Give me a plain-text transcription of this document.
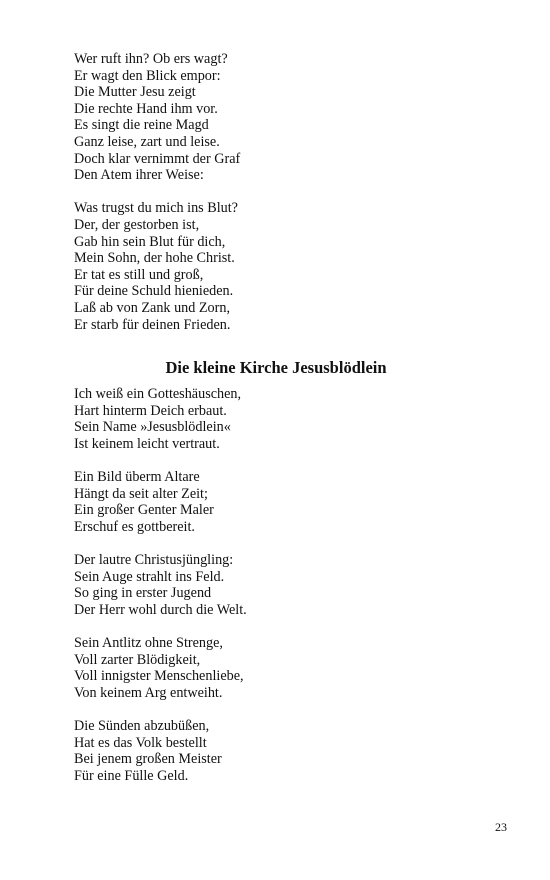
Wer ruft ihn? Ob ers wagt?
Er wagt den Blick empor:
Die Mutter Jesu zeigt
Die rechte Hand ihm vor.
Es singt die reine Magd
Ganz leise, zart und leise.
Doch klar vernimmt der Graf
Den Atem ihrer Weise:
Was trugst du mich ins Blut?
Der, der gestorben ist,
Gab hin sein Blut für dich,
Mein Sohn, der hohe Christ.
Er tat es still und groß,
Für deine Schuld hienieden.
Laß ab von Zank und Zorn,
Er starb für deinen Frieden.
Ich weiß ein Gotteshäuschen,
Hart hinterm Deich erbaut.
Sein Name »Jesusblödlein«
Ist keinem leicht vertraut.
Ein Bild überm Altare
Hängt da seit alter Zeit;
Ein großer Genter Maler
Erschuf es gottbereit.
Der lautre Christusjüngling:
Sein Auge strahlt ins Feld.
So ging in erster Jugend
Der Herr wohl durch die Welt.
Sein Antlitz ohne Strenge,
Voll zarter Blödigkeit,
Voll innigster Menschenliebe,
Von keinem Arg entweiht.
Die Sünden abzubüßen,
Hat es das Volk bestellt
Bei jenem großen Meister
Für eine Fülle Geld.
Die kleine Kirche Jesusblödlein
23
